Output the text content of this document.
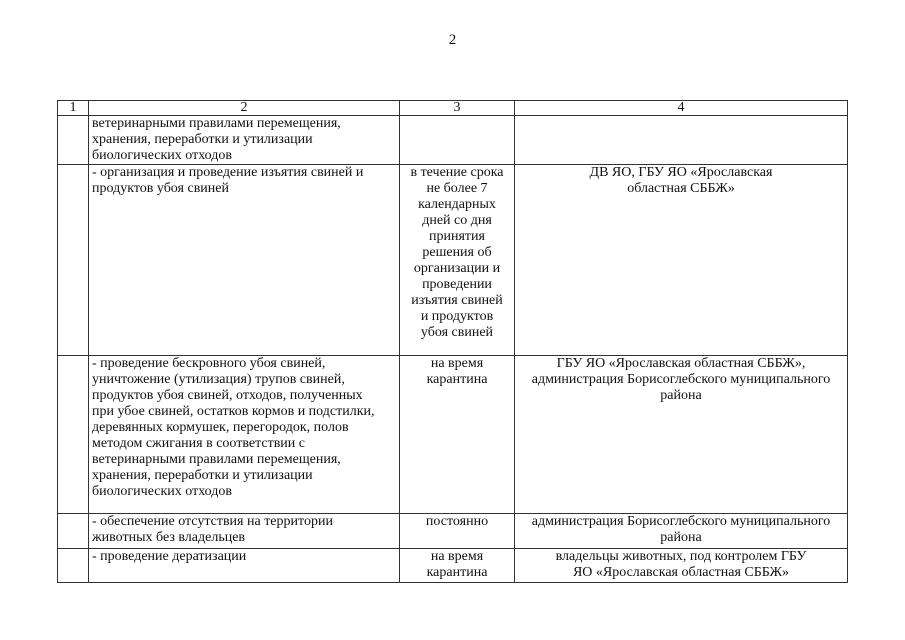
2
1	2	3	4
	ветеринарными правилами перемещения, хранения, переработки и утилизации биологических отходов		
	- организация и проведение изъятия свиней и продуктов убоя свиней	в течение срока не более 7 календарных дней со дня принятия решения об организации и проведении изъятия свиней и продуктов убоя свиней	ДВ ЯО, ГБУ ЯО «Ярославская областная СББЖ»
	- проведение бескровного убоя свиней, уничтожение (утилизация) трупов свиней, продуктов убоя свиней, отходов, полученных при убое свиней, остатков кормов и подстилки, деревянных кормушек, перегородок, полов методом сжигания в соответствии с ветеринарными правилами перемещения, хранения, переработки и утилизации биологических отходов	на время карантина	ГБУ ЯО «Ярославская областная СББЖ», администрация Борисоглебского муниципального района
	- обеспечение отсутствия на территории животных без владельцев	постоянно	администрация Борисоглебского муниципального района
	- проведение дератизации	на время карантина	владельцы животных, под контролем ГБУ ЯО «Ярославская областная СББЖ»
